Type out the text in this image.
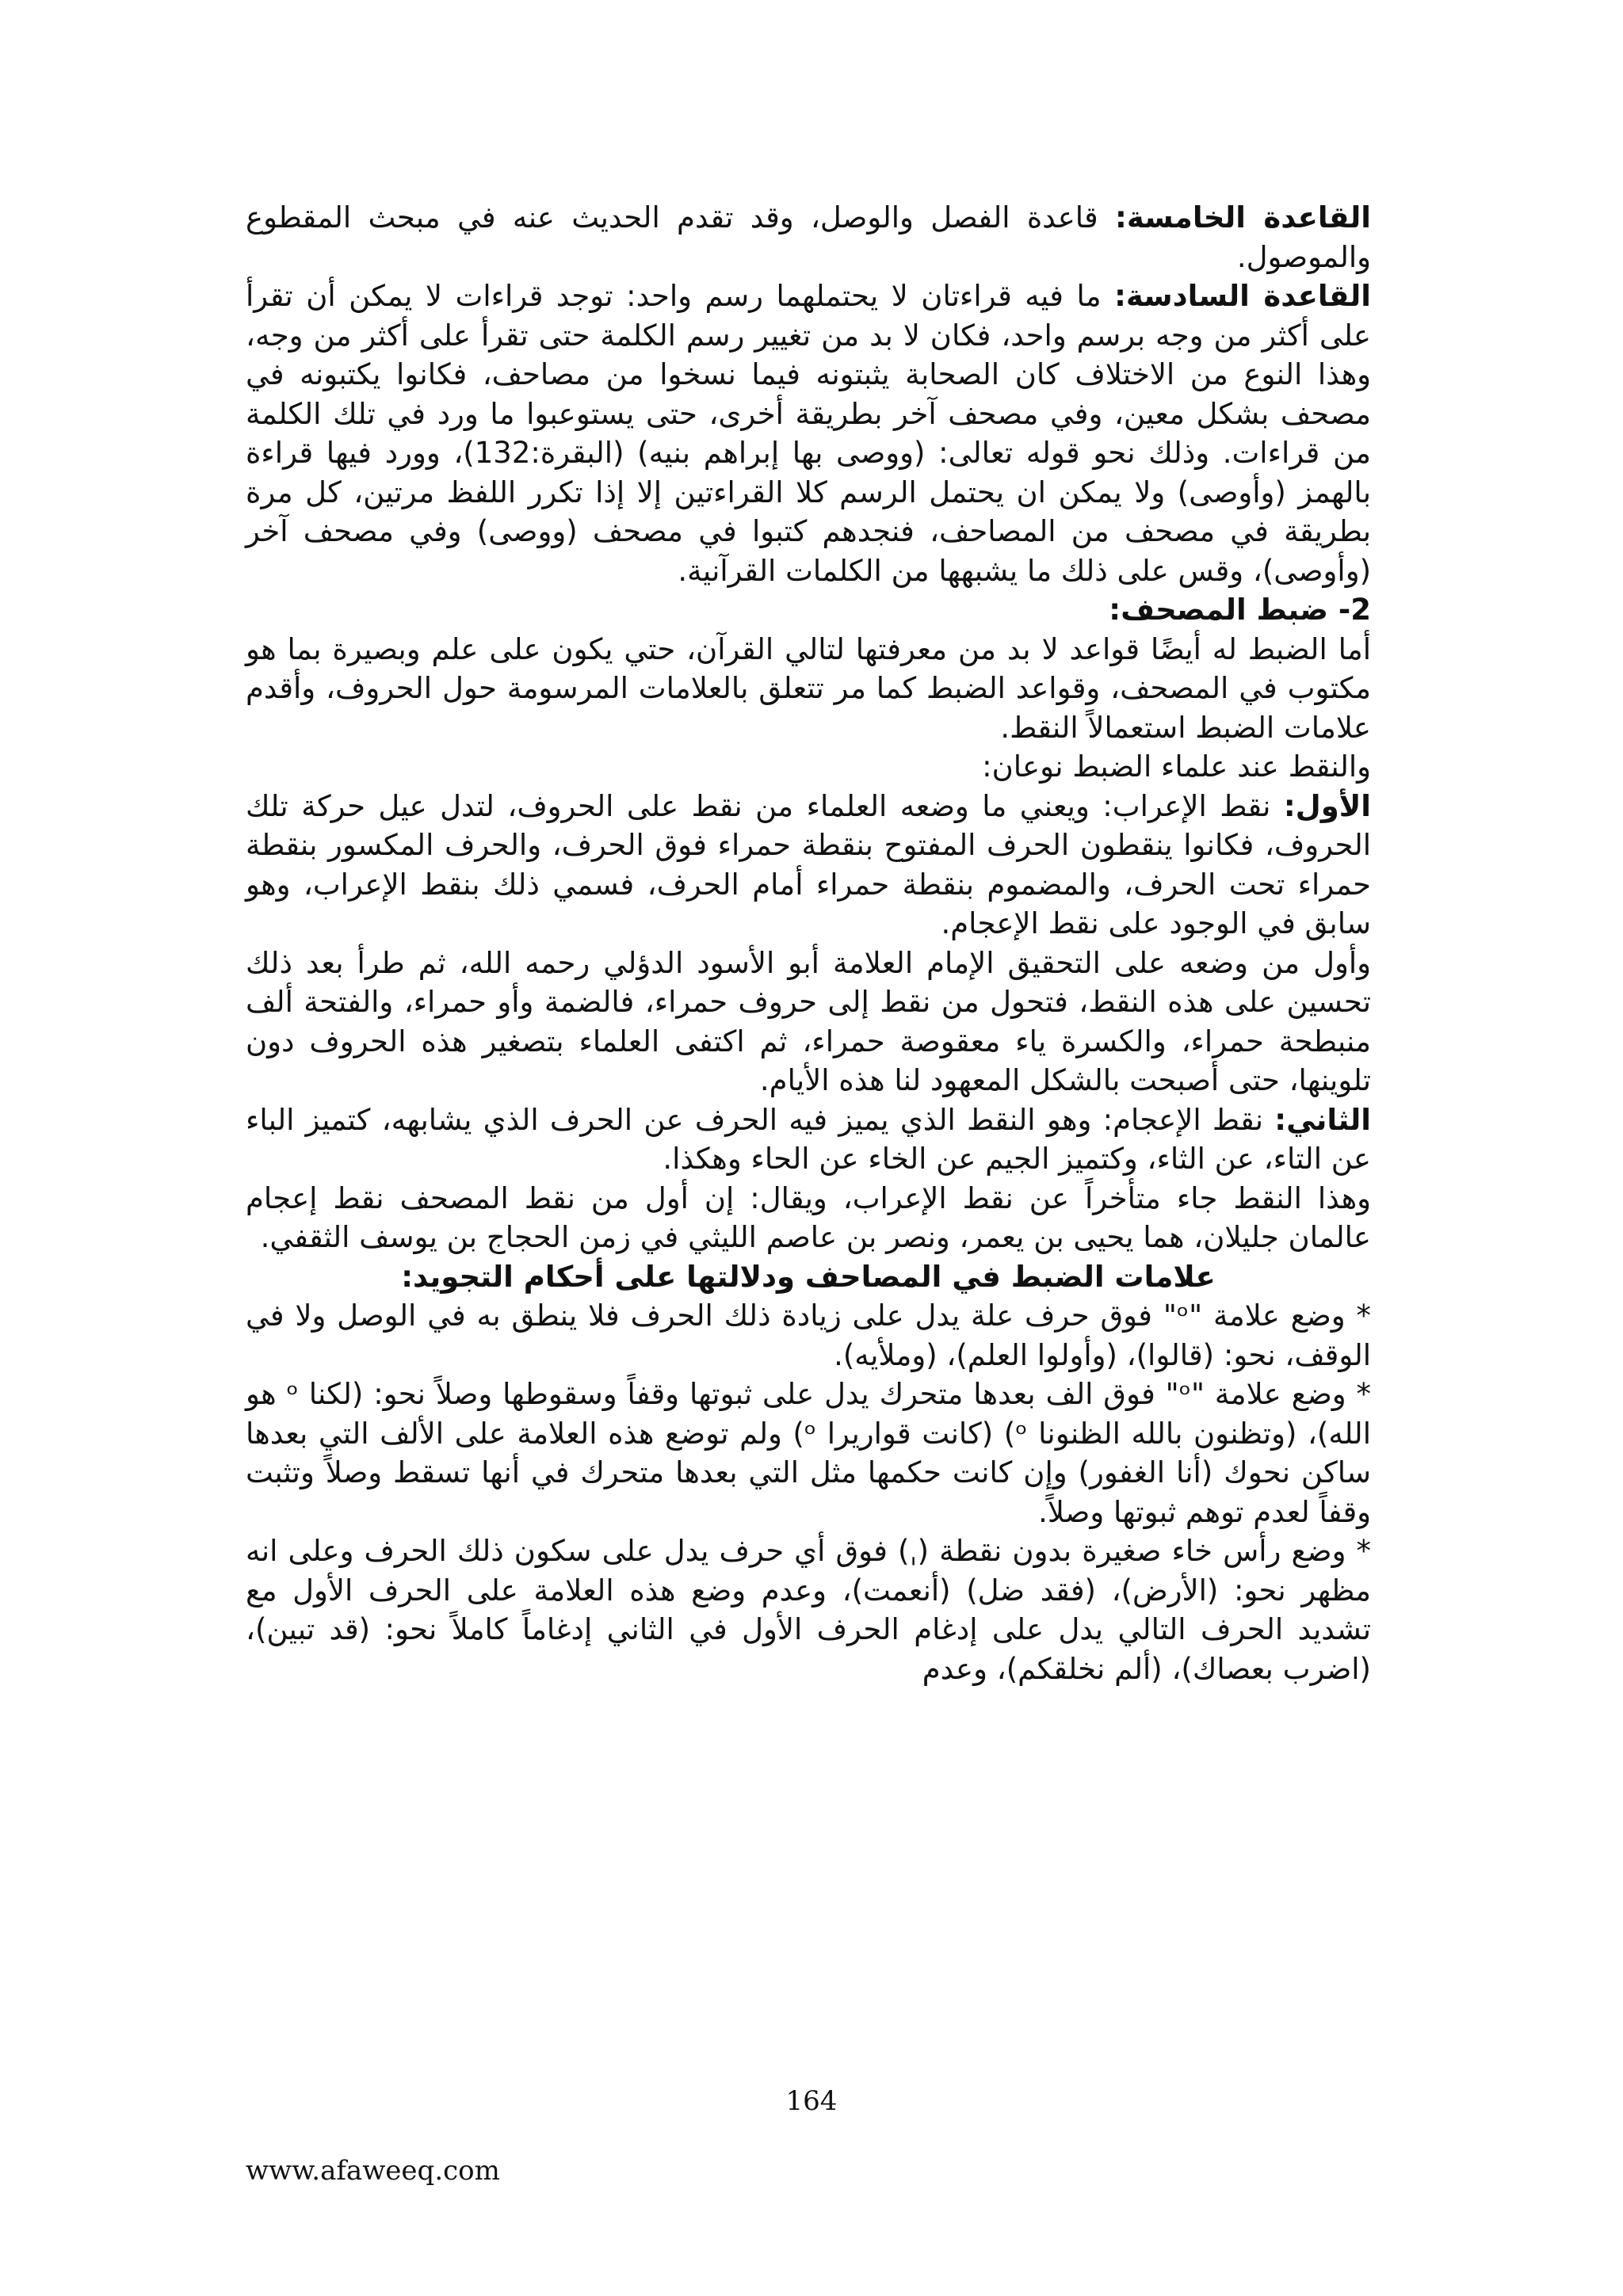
القاعدة الخامسة: قاعدة الفصل والوصل، وقد تقدم الحديث عنه في مبحث المقطوع والموصول.

القاعدة السادسة: ما فيه قراءتان لا يحتملهما رسم واحد: توجد قراءات لا يمكن أن تقرأ على أكثر من وجه برسم واحد، فكان لا بد من تغيير رسم الكلمة حتى تقرأ على أكثر من وجه، وهذا النوع من الاختلاف كان الصحابة يثبتونه فيما نسخوا من مصاحف، فكانوا يكتبونه في مصحف بشكل معين، وفي مصحف آخر بطريقة أخرى، حتى يستوعبوا ما ورد في تلك الكلمة من قراءات. وذلك نحو قوله تعالى: (ووصى بها إبراهم بنيه) (البقرة:132)، وورد فيها قراءة بالهمز (وأوصى) ولا يمكن ان يحتمل الرسم كلا القراءتين إلا إذا تكرر اللفظ مرتين، كل مرة بطريقة في مصحف من المصاحف، فنجدهم كتبوا في مصحف (ووصى) وفي مصحف آخر (وأوصى)، وقس على ذلك ما يشبهها من الكلمات القرآنية.

2- ضبط المصحف:

أما الضبط له أيضًا قواعد لا بد من معرفتها لتالي القرآن، حتي يكون على علم وبصيرة بما هو مكتوب في المصحف، وقواعد الضبط كما مر تتعلق بالعلامات المرسومة حول الحروف، وأقدم علامات الضبط استعمالاً النقط.

والنقط عند علماء الضبط نوعان:

الأول: نقط الإعراب: ويعني ما وضعه العلماء من نقط على الحروف، لتدل عيل حركة تلك الحروف، فكانوا ينقطون الحرف المفتوح بنقطة حمراء فوق الحرف، والحرف المكسور بنقطة حمراء تحت الحرف، والمضموم بنقطة حمراء أمام الحرف، فسمي ذلك بنقط الإعراب، وهو سابق في الوجود على نقط الإعجام.

وأول من وضعه على التحقيق الإمام العلامة أبو الأسود الدؤلي رحمه الله، ثم طرأ بعد ذلك تحسين على هذه النقط، فتحول من نقط إلى حروف حمراء، فالضمة وأو حمراء، والفتحة ألف منبطحة حمراء، والكسرة ياء معقوصة حمراء، ثم اكتفى العلماء بتصغير هذه الحروف دون تلوينها، حتى أصبحت بالشكل المعهود لنا هذه الأيام.

الثاني: نقط الإعجام: وهو النقط الذي يميز فيه الحرف عن الحرف الذي يشابهه، كتميز الباء عن التاء، عن الثاء، وكتميز الجيم عن الخاء عن الحاء وهكذا.

وهذا النقط جاء متأخراً عن نقط الإعراب، ويقال: إن أول من نقط المصحف نقط إعجام عالمان جليلان، هما يحيى بن يعمر، ونصر بن عاصم الليثي في زمن الحجاج بن يوسف الثقفي.

علامات الضبط في المصاحف ودلالتها على أحكام التجويد:

* وضع علامة "ᵒ" فوق حرف علة يدل على زيادة ذلك الحرف فلا ينطق به في الوصل ولا في الوقف، نحو: (قالوا)، (وأولوا العلم)، (وملأيه).

* وضع علامة "ᵒ" فوق الف بعدها متحرك يدل على ثبوتها وقفاً وسقوطها وصلاً نحو: (لكنا ᵒ هو الله)، (وتظنون بالله الظنونا ᵒ) (كانت قواريرا ᵒ) ولم توضع هذه العلامة على الألف التي بعدها ساكن نحوك (أنا الغفور) وإن كانت حكمها مثل التي بعدها متحرك في أنها تسقط وصلاً وتثبت وقفاً لعدم توهم ثبوتها وصلاً.

* وضع رأس خاء صغيرة بدون نقطة (ˌ) فوق أي حرف يدل على سكون ذلك الحرف وعلى انه مظهر نحو: (الأرض)، (فقد ضل) (أنعمت)، وعدم وضع هذه العلامة على الحرف الأول مع تشديد الحرف التالي يدل على إدغام الحرف الأول في الثاني إدغاماً كاملاً نحو: (قد تبين)، (اضرب بعصاك)، (ألم نخلقكم)، وعدم

164
www.afaweeq.com
